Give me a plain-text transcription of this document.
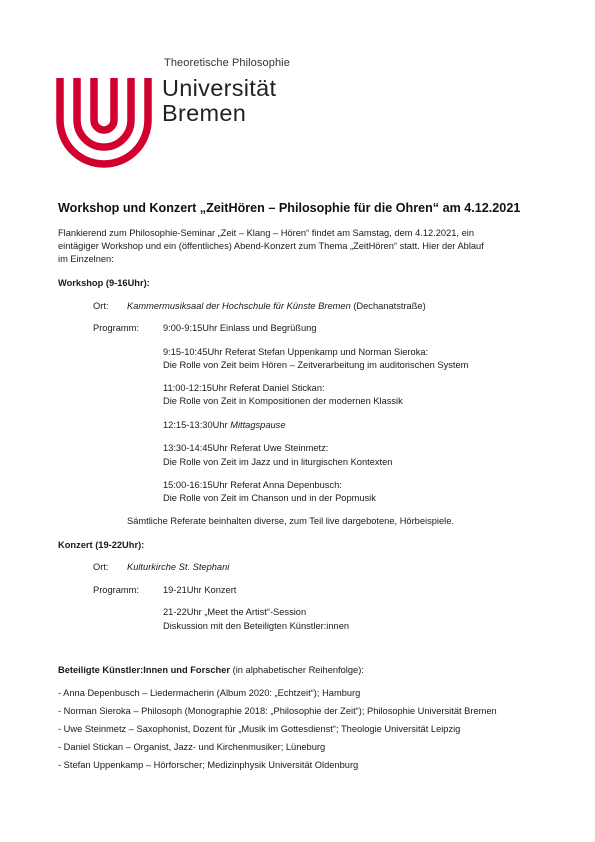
Theoretische Philosophie
Universität
Bremen
Workshop und Konzert „ZeitHören – Philosophie für die Ohren“ am 4.12.2021
Flankierend zum Philosophie-Seminar „Zeit – Klang – Hören“ findet am Samstag, dem 4.12.2021, ein
eintägiger Workshop und ein (öffentliches) Abend-Konzert zum Thema „ZeitHören“ statt. Hier der Ablauf
im Einzelnen:
Workshop (9-16Uhr):
Ort: Kammermusiksaal der Hochschule für Künste Bremen (Dechanatstraße)
Programm:	9:00-9:15Uhr Einlass und Begrüßung
9:15-10:45Uhr Referat Stefan Uppenkamp und Norman Sieroka:
Die Rolle von Zeit beim Hören – Zeitverarbeitung im auditorischen System
11:00-12:15Uhr Referat Daniel Stickan:
Die Rolle von Zeit in Kompositionen der modernen Klassik
12:15-13:30Uhr Mittagspause
13:30-14:45Uhr Referat Uwe Steinmetz:
Die Rolle von Zeit im Jazz und in liturgischen Kontexten
15:00-16:15Uhr Referat Anna Depenbusch:
Die Rolle von Zeit im Chanson und in der Popmusik
Sämtliche Referate beinhalten diverse, zum Teil live dargebotene, Hörbeispiele.
Konzert (19-22Uhr):
Ort: Kulturkirche St. Stephani
Programm:	19-21Uhr Konzert
21-22Uhr „Meet the Artist“-Session
Diskussion mit den Beteiligten Künstler:innen
Beteiligte Künstler:Innen und Forscher (in alphabetischer Reihenfolge):
- Anna Depenbusch – Liedermacherin (Album 2020: „Echtzeit“); Hamburg
- Norman Sieroka – Philosoph (Monographie 2018: „Philosophie der Zeit“); Philosophie Universität Bremen
- Uwe Steinmetz – Saxophonist, Dozent für „Musik im Gottesdienst“; Theologie Universität Leipzig
- Daniel Stickan – Organist, Jazz- und Kirchenmusiker; Lüneburg
- Stefan Uppenkamp – Hörforscher; Medizinphysik Universität Oldenburg
